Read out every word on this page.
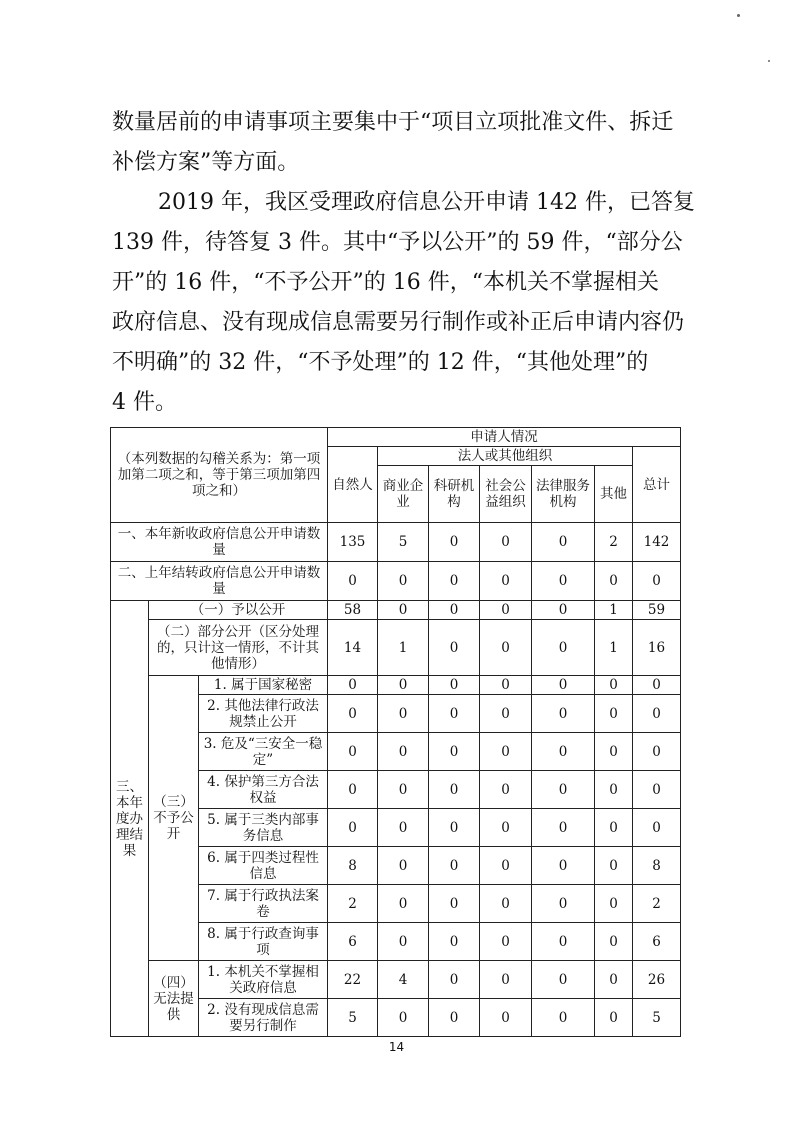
数量居前的申请事项主要集中于“项目立项批准文件、拆迁
补偿方案”等方面。
2019 年，我区受理政府信息公开申请 142 件，已答复
139 件，待答复 3 件。其中“予以公开”的 59 件，“部分公
开”的 16 件，“不予公开”的 16 件，“本机关不掌握相关
政府信息、没有现成信息需要另行制作或补正后申请内容仍
不明确”的 32 件，“不予处理”的 12 件，“其他处理”的
4 件。
（本列数据的勾稽关系为：第一项加第二项之和，等于第三项加第四项之和）			申请人情况						
			自然人	法人或其他组织					总计
				商业企业	科研机构	社会公益组织	法律服务机构	其他	
一、本年新收政府信息公开申请数量			135	5	0	0	0	2	142
二、上年结转政府信息公开申请数量			0	0	0	0	0	0	0
三、本年度办理结果	（一）予以公开		58	0	0	0	0	1	59
	（二）部分公开（区分处理的，只计这一情形，不计其他情形）		14	1	0	0	0	1	16
	（三）不予公开	1. 属于国家秘密	0	0	0	0	0	0	0
		2. 其他法律行政法规禁止公开	0	0	0	0	0	0	0
		3. 危及“三安全一稳定”	0	0	0	0	0	0	0
		4. 保护第三方合法权益	0	0	0	0	0	0	0
		5. 属于三类内部事务信息	0	0	0	0	0	0	0
		6. 属于四类过程性信息	8	0	0	0	0	0	8
		7. 属于行政执法案卷	2	0	0	0	0	0	2
		8. 属于行政查询事项	6	0	0	0	0	0	6
	（四）无法提供	1. 本机关不掌握相关政府信息	22	4	0	0	0	0	26
		2. 没有现成信息需要另行制作	5	0	0	0	0	0	5
14
